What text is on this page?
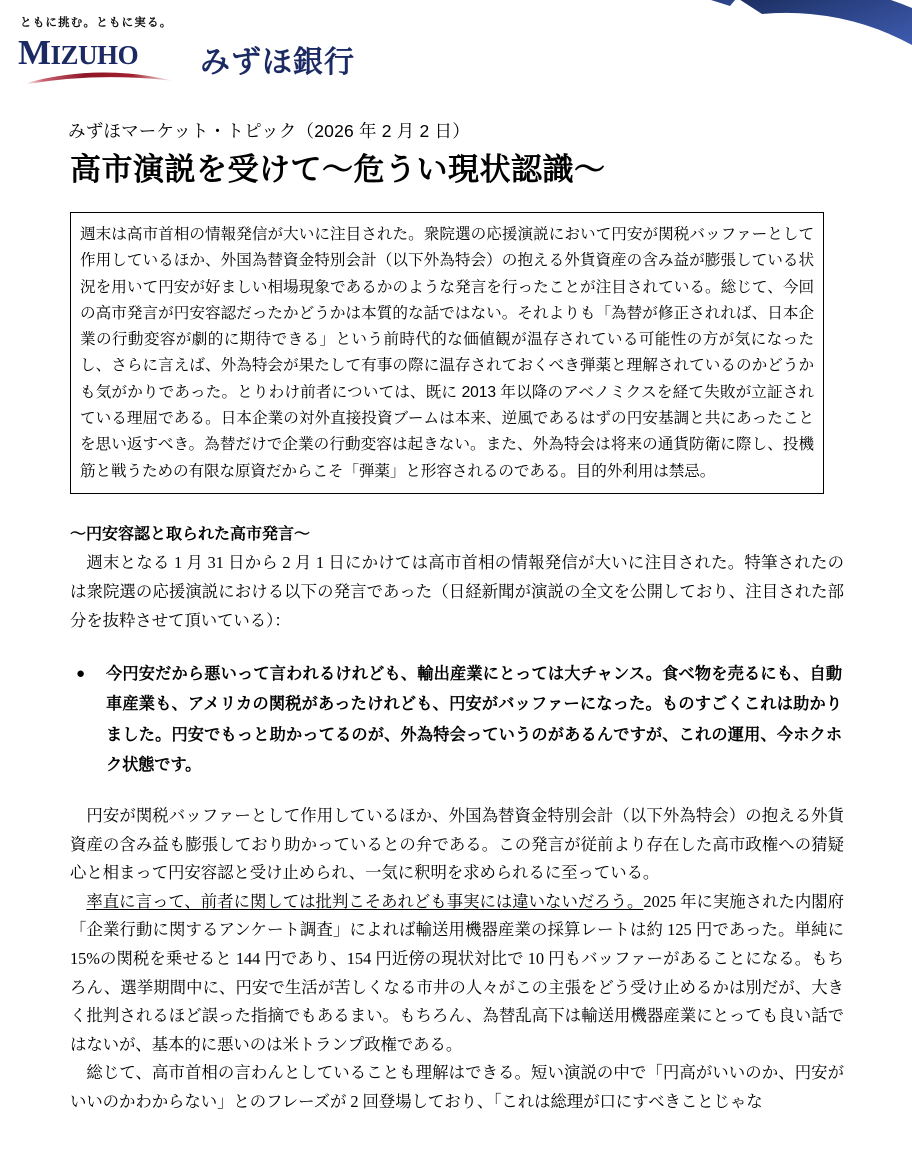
ともに挑む。ともに実る。
MIZUHO	みずほ銀行

みずほマーケット・トピック（2026 年 2 月 2 日）

高市演説を受けて〜危うい現状認識〜

週末は高市首相の情報発信が大いに注目された。衆院選の応援演説において円安が関税バッファーとして作用しているほか、外国為替資金特別会計（以下外為特会）の抱える外貨資産の含み益が膨張している状況を用いて円安が好ましい相場現象であるかのような発言を行ったことが注目されている。総じて、今回の高市発言が円安容認だったかどうかは本質的な話ではない。それよりも「為替が修正されれば、日本企業の行動変容が劇的に期待できる」という前時代的な価値観が温存されている可能性の方が気になったし、さらに言えば、外為特会が果たして有事の際に温存されておくべき弾薬と理解されているのかどうかも気がかりであった。とりわけ前者については、既に 2013 年以降のアベノミクスを経て失敗が立証されている理屈である。日本企業の対外直接投資ブームは本来、逆風であるはずの円安基調と共にあったことを思い返すべき。為替だけで企業の行動変容は起きない。また、外為特会は将来の通貨防衛に際し、投機筋と戦うための有限な原資だからこそ「弾薬」と形容されるのである。目的外利用は禁忌。

〜円安容認と取られた高市発言〜

週末となる 1 月 31 日から 2 月 1 日にかけては高市首相の情報発信が大いに注目された。特筆されたのは衆院選の応援演説における以下の発言であった（日経新聞が演説の全文を公開しており、注目された部分を抜粋させて頂いている）：

●	今円安だから悪いって言われるけれども、輸出産業にとっては大チャンス。食べ物を売るにも、自動車産業も、アメリカの関税があったけれども、円安がバッファーになった。ものすごくこれは助かりました。円安でもっと助かってるのが、外為特会っていうのがあるんですが、これの運用、今ホクホク状態です。

円安が関税バッファーとして作用しているほか、外国為替資金特別会計（以下外為特会）の抱える外貨資産の含み益も膨張しており助かっているとの弁である。この発言が従前より存在した高市政権への猜疑心と相まって円安容認と受け止められ、一気に釈明を求められるに至っている。

率直に言って、前者に関しては批判こそあれども事実には違いないだろう。2025 年に実施された内閣府「企業行動に関するアンケート調査」によれば輸送用機器産業の採算レートは約 125 円であった。単純に 15%の関税を乗せると 144 円であり、154 円近傍の現状対比で 10 円もバッファーがあることになる。もちろん、選挙期間中に、円安で生活が苦しくなる市井の人々がこの主張をどう受け止めるかは別だが、大きく批判されるほど誤った指摘でもあるまい。もちろん、為替乱高下は輸送用機器産業にとっても良い話ではないが、基本的に悪いのは米トランプ政権である。

総じて、高市首相の言わんとしていることも理解はできる。短い演説の中で「円高がいいのか、円安がいいのかわからない」とのフレーズが 2 回登場しており、「これは総理が口にすべきことじゃな
